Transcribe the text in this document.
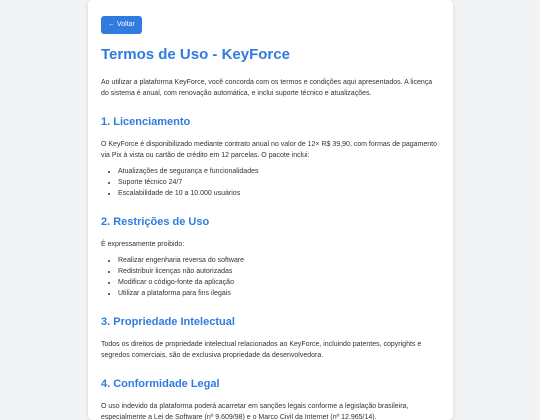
← Voltar
Termos de Uso - KeyForce

Ao utilizar a plataforma KeyForce, você concorda com os termos e condições aqui apresentados. A licença do sistema é anual, com renovação automática, e inclui suporte técnico e atualizações.

1. Licenciamento

O KeyForce é disponibilizado mediante contrato anual no valor de 12× R$ 39,90, com formas de pagamento via Pix à vista ou cartão de crédito em 12 parcelas. O pacote inclui:

• Atualizações de segurança e funcionalidades
• Suporte técnico 24/7
• Escalabilidade de 10 a 10.000 usuários
2. Restrições de Uso

É expressamente proibido:

• Realizar engenharia reversa do software
• Redistribuir licenças não autorizadas
• Modificar o código-fonte da aplicação
• Utilizar a plataforma para fins ilegais
3. Propriedade Intelectual

Todos os direitos de propriedade intelectual relacionados ao KeyForce, incluindo patentes, copyrights e segredos comerciais, são de exclusiva propriedade da desenvolvedora.

4. Conformidade Legal

O uso indevido da plataforma poderá acarretar em sanções legais conforme a legislação brasileira, especialmente a Lei de Software (nº 9.609/98) e o Marco Civil da Internet (nº 12.965/14).
